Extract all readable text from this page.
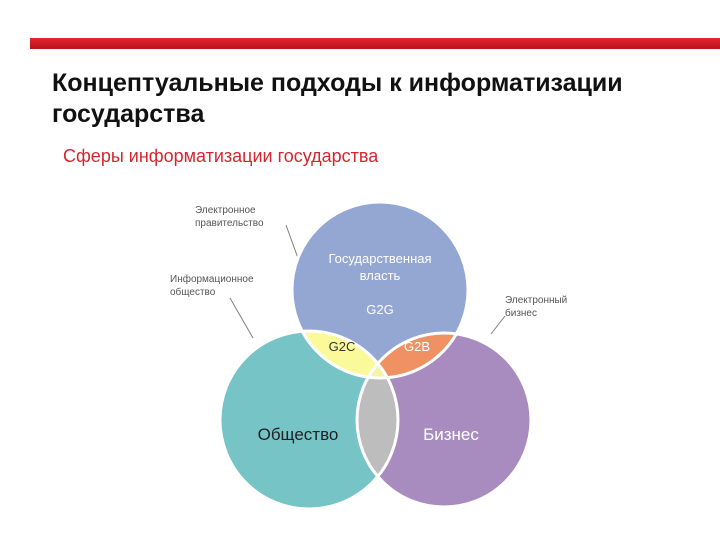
Концептуальные подходы к информатизации государства
Сферы информатизации государства
Государственная
власть
G2G
G2C	G2B
Общество	Бизнес
Электронное
правительство
Информационное
общество
Электронный
бизнес
